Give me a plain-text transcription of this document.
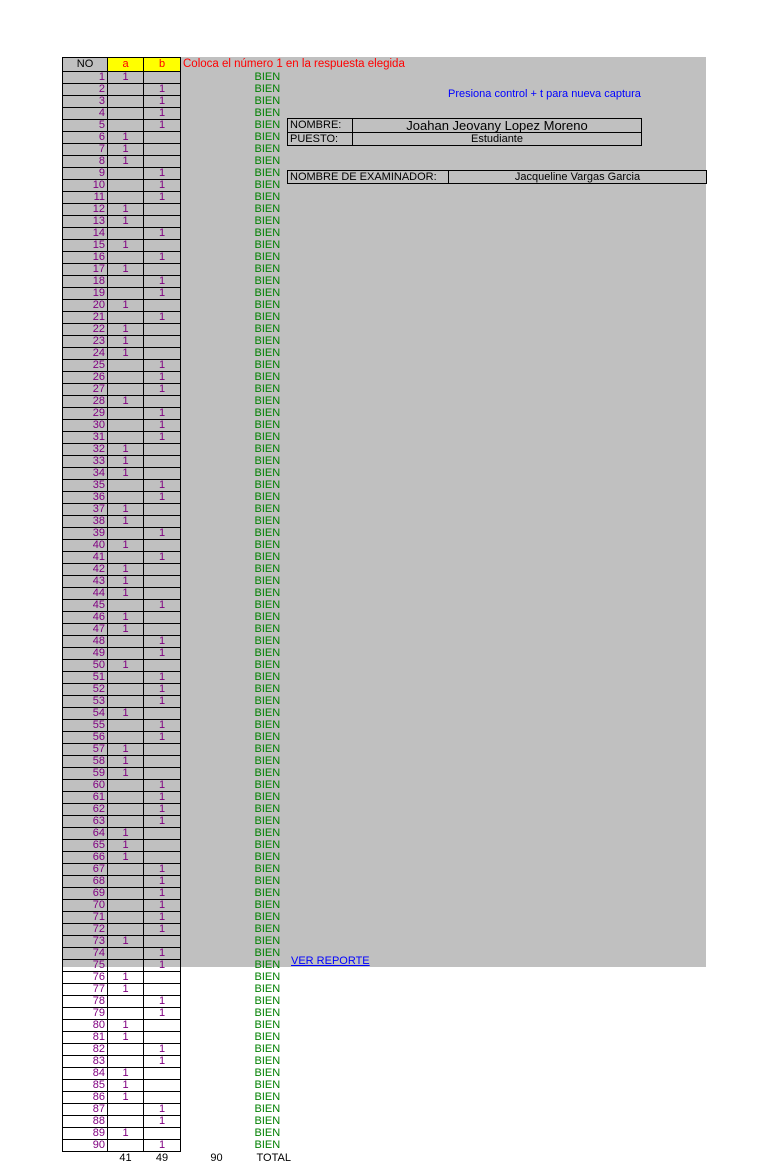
NO	a	b	Coloca el número 1 en la respuesta elegida	
1	1			BIEN
2		1		BIEN
3		1		BIEN
4		1		BIEN
5		1		BIEN
6	1			BIEN
7	1			BIEN
8	1			BIEN
9		1		BIEN
10		1		BIEN
11		1		BIEN
12	1			BIEN
13	1			BIEN
14		1		BIEN
15	1			BIEN
16		1		BIEN
17	1			BIEN
18		1		BIEN
19		1		BIEN
20	1			BIEN
21		1		BIEN
22	1			BIEN
23	1			BIEN
24	1			BIEN
25		1		BIEN
26		1		BIEN
27		1		BIEN
28	1			BIEN
29		1		BIEN
30		1		BIEN
31		1		BIEN
32	1			BIEN
33	1			BIEN
34	1			BIEN
35		1		BIEN
36		1		BIEN
37	1			BIEN
38	1			BIEN
39		1		BIEN
40	1			BIEN
41		1		BIEN
42	1			BIEN
43	1			BIEN
44	1			BIEN
45		1		BIEN
46	1			BIEN
47	1			BIEN
48		1		BIEN
49		1		BIEN
50	1			BIEN
51		1		BIEN
52		1		BIEN
53		1		BIEN
54	1			BIEN
55		1		BIEN
56		1		BIEN
57	1			BIEN
58	1			BIEN
59	1			BIEN
60		1		BIEN
61		1		BIEN
62		1		BIEN
63		1		BIEN
64	1			BIEN
65	1			BIEN
66	1			BIEN
67		1		BIEN
68		1		BIEN
69		1		BIEN
70		1		BIEN
71		1		BIEN
72		1		BIEN
73	1			BIEN
74		1		BIEN
75		1		BIEN
76	1			BIEN
77	1			BIEN
78		1		BIEN
79		1		BIEN
80	1			BIEN
81	1			BIEN
82		1		BIEN
83		1		BIEN
84	1			BIEN
85	1			BIEN
86	1			BIEN
87		1		BIEN
88		1		BIEN
89	1			BIEN
90		1		BIEN
	41	49	90	TOTAL
Presiona control + t para nueva captura
NOMBRE:	Joahan Jeovany Lopez Moreno
PUESTO:	Estudiante
NOMBRE DE EXAMINADOR:	Jacqueline Vargas Garcia
VER REPORTE
